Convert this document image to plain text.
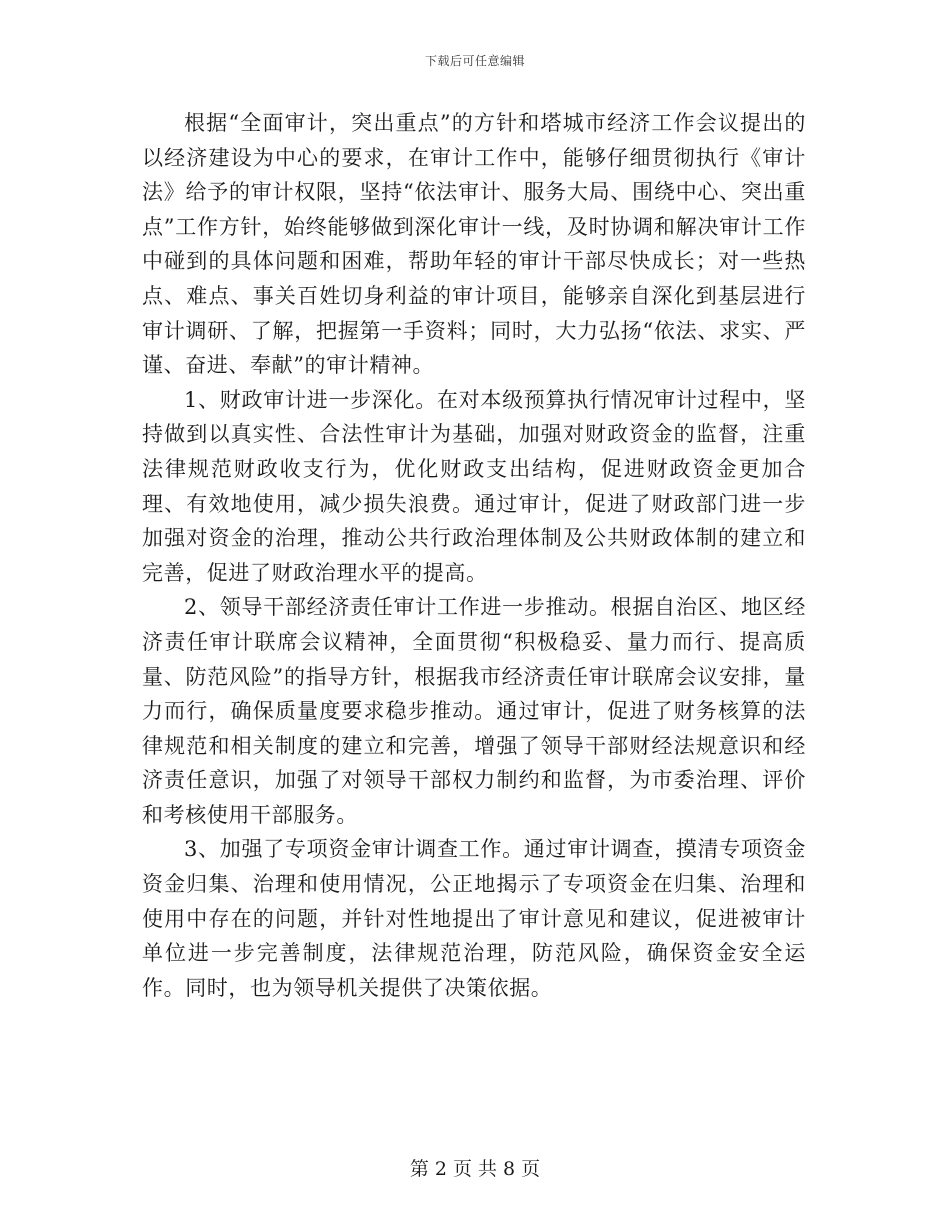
下载后可任意编辑

根据“全面审计，突出重点”的方针和塔城市经济工作会议提出的以经济建设为中心的要求，在审计工作中，能够仔细贯彻执行《审计法》给予的审计权限，坚持“依法审计、服务大局、围绕中心、突出重点”工作方针，始终能够做到深化审计一线，及时协调和解决审计工作中碰到的具体问题和困难，帮助年轻的审计干部尽快成长；对一些热点、难点、事关百姓切身利益的审计项目，能够亲自深化到基层进行审计调研、了解，把握第一手资料；同时，大力弘扬“依法、求实、严谨、奋进、奉献”的审计精神。

1、财政审计进一步深化。在对本级预算执行情况审计过程中，坚持做到以真实性、合法性审计为基础，加强对财政资金的监督，注重法律规范财政收支行为，优化财政支出结构，促进财政资金更加合理、有效地使用，减少损失浪费。通过审计，促进了财政部门进一步加强对资金的治理，推动公共行政治理体制及公共财政体制的建立和完善，促进了财政治理水平的提高。

2、领导干部经济责任审计工作进一步推动。根据自治区、地区经济责任审计联席会议精神，全面贯彻“积极稳妥、量力而行、提高质量、防范风险”的指导方针，根据我市经济责任审计联席会议安排，量力而行，确保质量度要求稳步推动。通过审计，促进了财务核算的法律规范和相关制度的建立和完善，增强了领导干部财经法规意识和经济责任意识，加强了对领导干部权力制约和监督，为市委治理、评价和考核使用干部服务。

3、加强了专项资金审计调查工作。通过审计调查，摸清专项资金资金归集、治理和使用情况，公正地揭示了专项资金在归集、治理和使用中存在的问题，并针对性地提出了审计意见和建议，促进被审计单位进一步完善制度，法律规范治理，防范风险，确保资金安全运作。同时，也为领导机关提供了决策依据。

第 2 页 共 8 页
